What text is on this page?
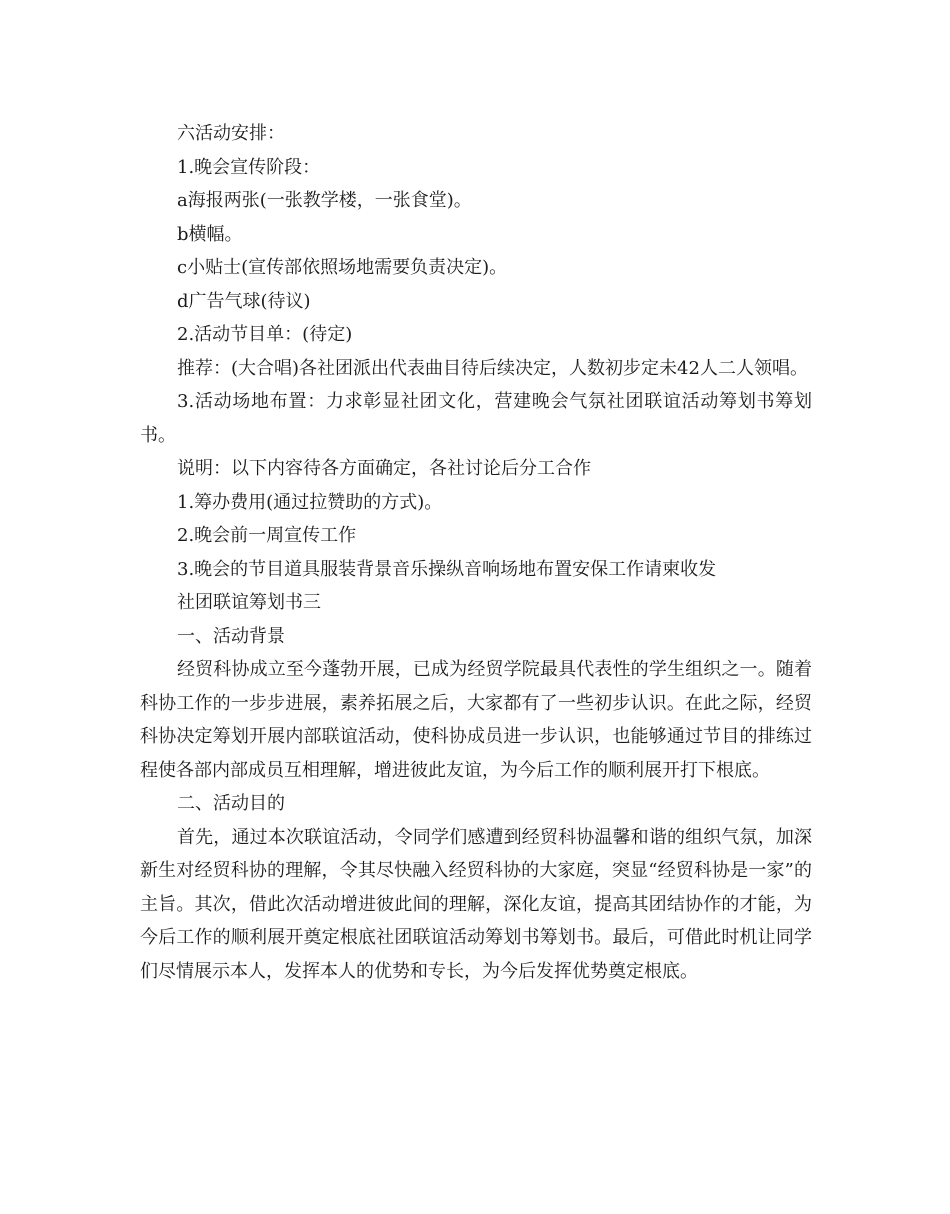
六活动安排：

1.晚会宣传阶段：

a海报两张(一张教学楼，一张食堂)。

b横幅。

c小贴士(宣传部依照场地需要负责决定)。

d广告气球(待议)

2.活动节目单：(待定)

推荐：(大合唱)各社团派出代表曲目待后续决定，人数初步定未42人二人领唱。

3.活动场地布置：力求彰显社团文化，营建晚会气氛社团联谊活动筹划书筹划书。

说明：以下内容待各方面确定，各社讨论后分工合作

1.筹办费用(通过拉赞助的方式)。

2.晚会前一周宣传工作

3.晚会的节目道具服装背景音乐操纵音响场地布置安保工作请柬收发

社团联谊筹划书三

一、活动背景

经贸科协成立至今蓬勃开展，已成为经贸学院最具代表性的学生组织之一。随着科协工作的一步步进展，素养拓展之后，大家都有了一些初步认识。在此之际，经贸科协决定筹划开展内部联谊活动，使科协成员进一步认识，也能够通过节目的排练过程使各部内部成员互相理解，增进彼此友谊，为今后工作的顺利展开打下根底。

二、活动目的

首先，通过本次联谊活动，令同学们感遭到经贸科协温馨和谐的组织气氛，加深新生对经贸科协的理解，令其尽快融入经贸科协的大家庭，突显“经贸科协是一家”的主旨。其次，借此次活动增进彼此间的理解，深化友谊，提高其团结协作的才能，为今后工作的顺利展开奠定根底社团联谊活动筹划书筹划书。最后，可借此时机让同学们尽情展示本人，发挥本人的优势和专长，为今后发挥优势奠定根底。
